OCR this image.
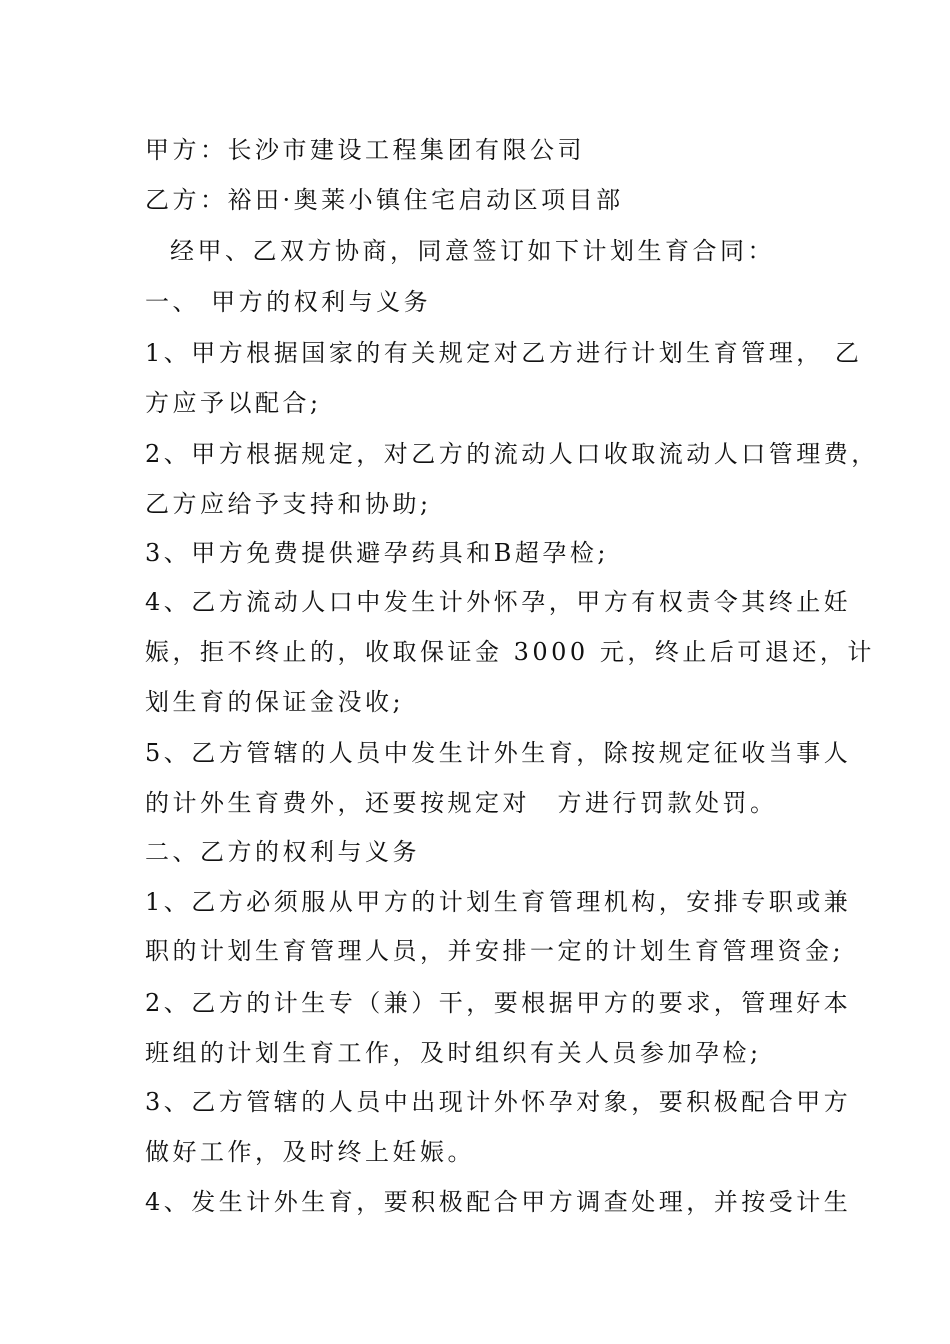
甲方：长沙市建设工程集团有限公司
乙方：裕田·奥莱小镇住宅启动区项目部
经甲、乙双方协商，同意签订如下计划生育合同：
一、 甲方的权利与义务
1、甲方根据国家的有关规定对乙方进行计划生育管理， 乙
方应予以配合;
2、甲方根据规定，对乙方的流动人口收取流动人口管理费，
乙方应给予支持和协助;
3、甲方免费提供避孕药具和B超孕检;
4、乙方流动人口中发生计外怀孕，甲方有权责令其终止妊
娠，拒不终止的，收取保证金 3000 元，终止后可退还，计
划生育的保证金没收;
5、乙方管辖的人员中发生计外生育，除按规定征收当事人
的计外生育费外，还要按规定对　方进行罚款处罚。
二、乙方的权利与义务
1、乙方必须服从甲方的计划生育管理机构，安排专职或兼
职的计划生育管理人员，并安排一定的计划生育管理资金;
2、乙方的计生专（兼）干，要根据甲方的要求，管理好本
班组的计划生育工作，及时组织有关人员参加孕检;
3、乙方管辖的人员中出现计外怀孕对象，要积极配合甲方
做好工作，及时终上妊娠。
4、发生计外生育，要积极配合甲方调查处理，并按受计生
